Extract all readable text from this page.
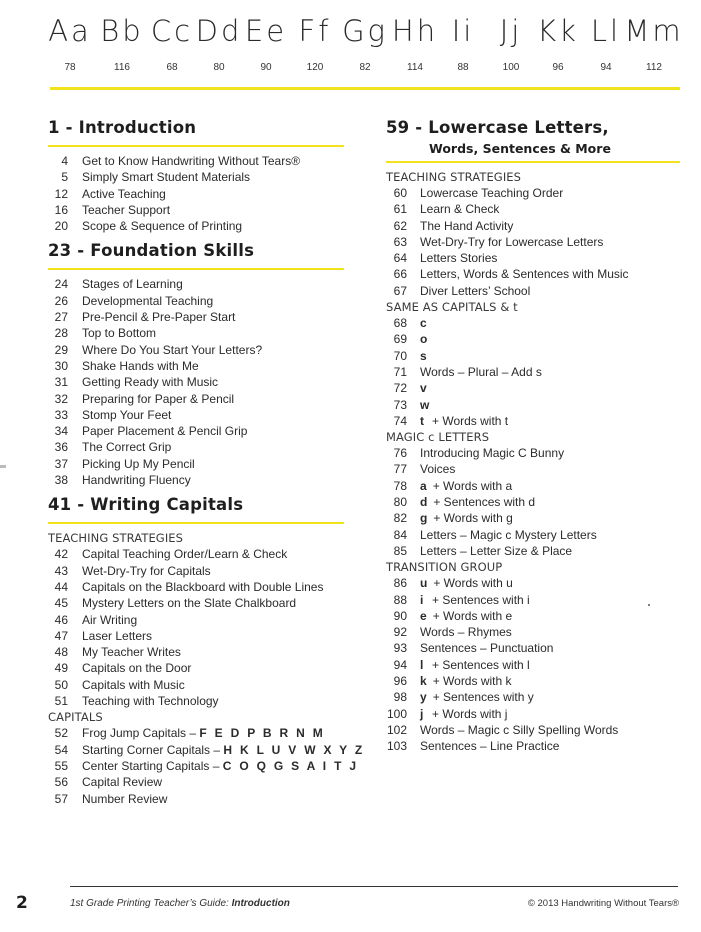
Aa
78
Bb
116
Cc
68
Dd
80
Ee
90
Ff
120
Gg
82
Hh
114
Ii
88
Jj
100
Kk
96
Ll
94
Mm
112
1 - Introduction
4 Get to Know Handwriting Without Tears®
5 Simply Smart Student Materials
12 Active Teaching
16 Teacher Support
20 Scope & Sequence of Printing
23 - Foundation Skills
24 Stages of Learning
26 Developmental Teaching
27 Pre-Pencil & Pre-Paper Start
28 Top to Bottom
29 Where Do You Start Your Letters?
30 Shake Hands with Me
31 Getting Ready with Music
32 Preparing for Paper & Pencil
33 Stomp Your Feet
34 Paper Placement & Pencil Grip
36 The Correct Grip
37 Picking Up My Pencil
38 Handwriting Fluency
41 - Writing Capitals
TEACHING STRATEGIES
42 Capital Teaching Order/Learn & Check
43 Wet-Dry-Try for Capitals
44 Capitals on the Blackboard with Double Lines
45 Mystery Letters on the Slate Chalkboard
46 Air Writing
47 Laser Letters
48 My Teacher Writes
49 Capitals on the Door
50 Capitals with Music
51 Teaching with Technology
CAPITALS
52 Frog Jump Capitals – F E D P B R N M
54 Starting Corner Capitals – H K L U V W X Y Z
55 Center Starting Capitals – C O Q G S A I T J
56 Capital Review
57 Number Review
59 - Lowercase Letters,
Words, Sentences & More
TEACHING STRATEGIES
60 Lowercase Teaching Order
61 Learn & Check
62 The Hand Activity
63 Wet-Dry-Try for Lowercase Letters
64 Letters Stories
66 Letters, Words & Sentences with Music
67 Diver Letters’ School
SAME AS CAPITALS & t
68 c
69 o
70 s
71 Words – Plural – Add s
72 v
73 w
74 t + Words with t
MAGIC c LETTERS
76 Introducing Magic C Bunny
77 Voices
78 a + Words with a
80 d + Sentences with d
82 g + Words with g
84 Letters – Magic c Mystery Letters
85 Letters – Letter Size & Place
TRANSITION GROUP
86 u + Words with u
88 i + Sentences with i
90 e + Words with e
92 Words – Rhymes
93 Sentences – Punctuation
94 l + Sentences with l
96 k + Words with k
98 y + Sentences with y
100 j + Words with j
102 Words – Magic c Silly Spelling Words
103 Sentences – Line Practice
2	1st Grade Printing Teacher’s Guide: Introduction	© 2013 Handwriting Without Tears®
